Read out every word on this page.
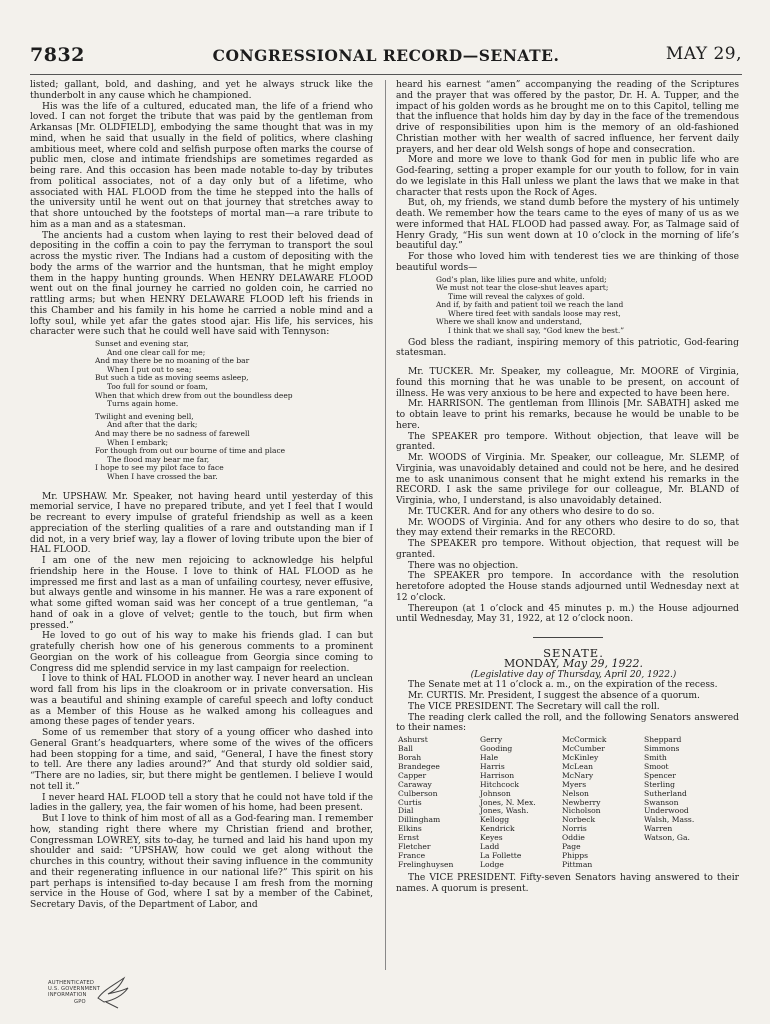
7832	CONGRESSIONAL RECORD—SENATE.	MAY 29,

listed; gallant, bold, and dashing, and yet he always struck like the thunderbolt in any cause which he championed.

His was the life of a cultured, educated man, the life of a friend who loved. I can not forget the tribute that was paid by the gentleman from Arkansas [Mr. OLDFIELD], embodying the same thought that was in my mind, when he said that usually in the field of politics, where clashing ambitious meet, where cold and selfish purpose often marks the course of public men, close and intimate friendships are sometimes regarded as being rare. And this occasion has been made notable to-day by tributes from political associates, not of a day only but of a lifetime, who associated with HAL FLOOD from the time he stepped into the halls of the university until he went out on that journey that stretches away to that shore untouched by the footsteps of mortal man—a rare tribute to him as a man and as a statesman.

The ancients had a custom when laying to rest their beloved dead of depositing in the coffin a coin to pay the ferryman to transport the soul across the mystic river. The Indians had a custom of depositing with the body the arms of the warrior and the huntsman, that he might employ them in the happy hunting grounds. When HENRY DELAWARE FLOOD went out on the final journey he carried no golden coin, he carried no rattling arms; but when HENRY DELAWARE FLOOD left his friends in this Chamber and his family in his home he carried a noble mind and a lofty soul, while yet afar the gates stood ajar. His life, his services, his character were such that he could well have said with Tennyson:

Sunset and evening star,
And one clear call for me;
And may there be no moaning of the bar
When I put out to sea;
But such a tide as moving seems asleep,
Too full for sound or foam,
When that which drew from out the boundless deep
Turns again home.
Twilight and evening bell,
And after that the dark;
And may there be no sadness of farewell
When I embark;
For though from out our bourne of time and place
The flood may bear me far,
I hope to see my pilot face to face
When I have crossed the bar.

Mr. UPSHAW. Mr. Speaker, not having heard until yesterday of this memorial service, I have no prepared tribute, and yet I feel that I would be recreant to every impulse of grateful friendship as well as a keen appreciation of the sterling qualities of a rare and outstanding man if I did not, in a very brief way, lay a flower of loving tribute upon the bier of HAL FLOOD.

I am one of the new men rejoicing to acknowledge his helpful friendship here in the House. I love to think of HAL FLOOD as he impressed me first and last as a man of unfailing courtesy, never effusive, but always gentle and winsome in his manner. He was a rare exponent of what some gifted woman said was her concept of a true gentleman, “a hand of oak in a glove of velvet; gentle to the touch, but firm when pressed.”

He loved to go out of his way to make his friends glad. I can but gratefully cherish how one of his generous comments to a prominent Georgian on the work of his colleague from Georgia since coming to Congress did me splendid service in my last campaign for reelection.

I love to think of HAL FLOOD in another way. I never heard an unclean word fall from his lips in the cloakroom or in private conversation. His was a beautiful and shining example of careful speech and lofty conduct as a Member of this House as he walked among his colleagues and among these pages of tender years.

Some of us remember that story of a young officer who dashed into General Grant’s headquarters, where some of the wives of the officers had been stopping for a time, and said, “General, I have the finest story to tell. Are there any ladies around?” And that sturdy old soldier said, “There are no ladies, sir, but there might be gentlemen. I believe I would not tell it.”

I never heard HAL FLOOD tell a story that he could not have told if the ladies in the gallery, yea, the fair women of his home, had been present.

But I love to think of him most of all as a God-fearing man. I remember how, standing right there where my Christian friend and brother, Congressman LOWREY, sits to-day, he turned and laid his hand upon my shoulder and said: “UPSHAW, how could we get along without the churches in this country, without their saving influence in the community and their regenerating influence in our national life?” This spirit on his part perhaps is intensified to-day because I am fresh from the morning service in the House of God, where I sat by a member of the Cabinet, Secretary Davis, of the Department of Labor, and

heard his earnest “amen” accompanying the reading of the Scriptures and the prayer that was offered by the pastor, Dr. H. A. Tupper, and the impact of his golden words as he brought me on to this Capitol, telling me that the influence that holds him day by day in the face of the tremendous drive of responsibilities upon him is the memory of an old-fashioned Christian mother with her wealth of sacred influence, her fervent daily prayers, and her dear old Welsh songs of hope and consecration.

More and more we love to thank God for men in public life who are God-fearing, setting a proper example for our youth to follow, for in vain do we legislate in this Hall unless we plant the laws that we make in that character that rests upon the Rock of Ages.

But, oh, my friends, we stand dumb before the mystery of his untimely death. We remember how the tears came to the eyes of many of us as we were informed that HAL FLOOD had passed away. For, as Talmage said of Henry Grady, “His sun went down at 10 o’clock in the morning of life’s beautiful day.”

For those who loved him with tenderest ties we are thinking of those beautiful words—

God’s plan, like lilies pure and white, unfold;
We must not tear the close-shut leaves apart;
Time will reveal the calyxes of gold.
And if, by faith and patient toil we reach the land
Where tired feet with sandals loose may rest,
Where we shall know and understand,
I think that we shall say, “God knew the best.”

God bless the radiant, inspiring memory of this patriotic, God-fearing statesman.

Mr. TUCKER. Mr. Speaker, my colleague, Mr. MOORE of Virginia, found this morning that he was unable to be present, on account of illness. He was very anxious to be here and expected to have been here.

Mr. HARRISON. The gentleman from Illinois [Mr. SABATH] asked me to obtain leave to print his remarks, because he would be unable to be here.

The SPEAKER pro tempore. Without objection, that leave will be granted.

Mr. WOODS of Virginia. Mr. Speaker, our colleague, Mr. SLEMP, of Virginia, was unavoidably detained and could not be here, and he desired me to ask unanimous consent that he might extend his remarks in the RECORD. I ask the same privilege for our colleague, Mr. BLAND of Virginia, who, I understand, is also unavoidably detained.

Mr. TUCKER. And for any others who desire to do so.

Mr. WOODS of Virginia. And for any others who desire to do so, that they may extend their remarks in the RECORD.

The SPEAKER pro tempore. Without objection, that request will be granted.

There was no objection.

The SPEAKER pro tempore. In accordance with the resolution heretofore adopted the House stands adjourned until Wednesday next at 12 o’clock.

Thereupon (at 1 o’clock and 45 minutes p. m.) the House adjourned until Wednesday, May 31, 1922, at 12 o’clock noon.

SENATE.

MONDAY, May 29, 1922.

(Legislative day of Thursday, April 20, 1922.)

The Senate met at 11 o’clock a. m., on the expiration of the recess.

Mr. CURTIS. Mr. President, I suggest the absence of a quorum.

The VICE PRESIDENT. The Secretary will call the roll.

The reading clerk called the roll, and the following Senators answered to their names:

Ashurst	Gerry	McCormick	Sheppard
Ball	Gooding	McCumber	Simmons
Borah	Hale	McKinley	Smith
Brandegee	Harris	McLean	Smoot
Capper	Harrison	McNary	Spencer
Caraway	Hitchcock	Myers	Sterling
Culberson	Johnson	Nelson	Sutherland
Curtis	Jones, N. Mex.	Newberry	Swanson
Dial	Jones, Wash.	Nicholson	Underwood
Dillingham	Kellogg	Norbeck	Walsh, Mass.
Elkins	Kendrick	Norris	Warren
Ernst	Keyes	Oddie	Watson, Ga.
Fletcher	Ladd	Page	
France	La Follette	Phipps	
Frelinghuysen	Lodge	Pittman	

The VICE PRESIDENT. Fifty-seven Senators having answered to their names. A quorum is present.

AUTHENTICATED
U.S. GOVERNMENT
INFORMATION
GPO
